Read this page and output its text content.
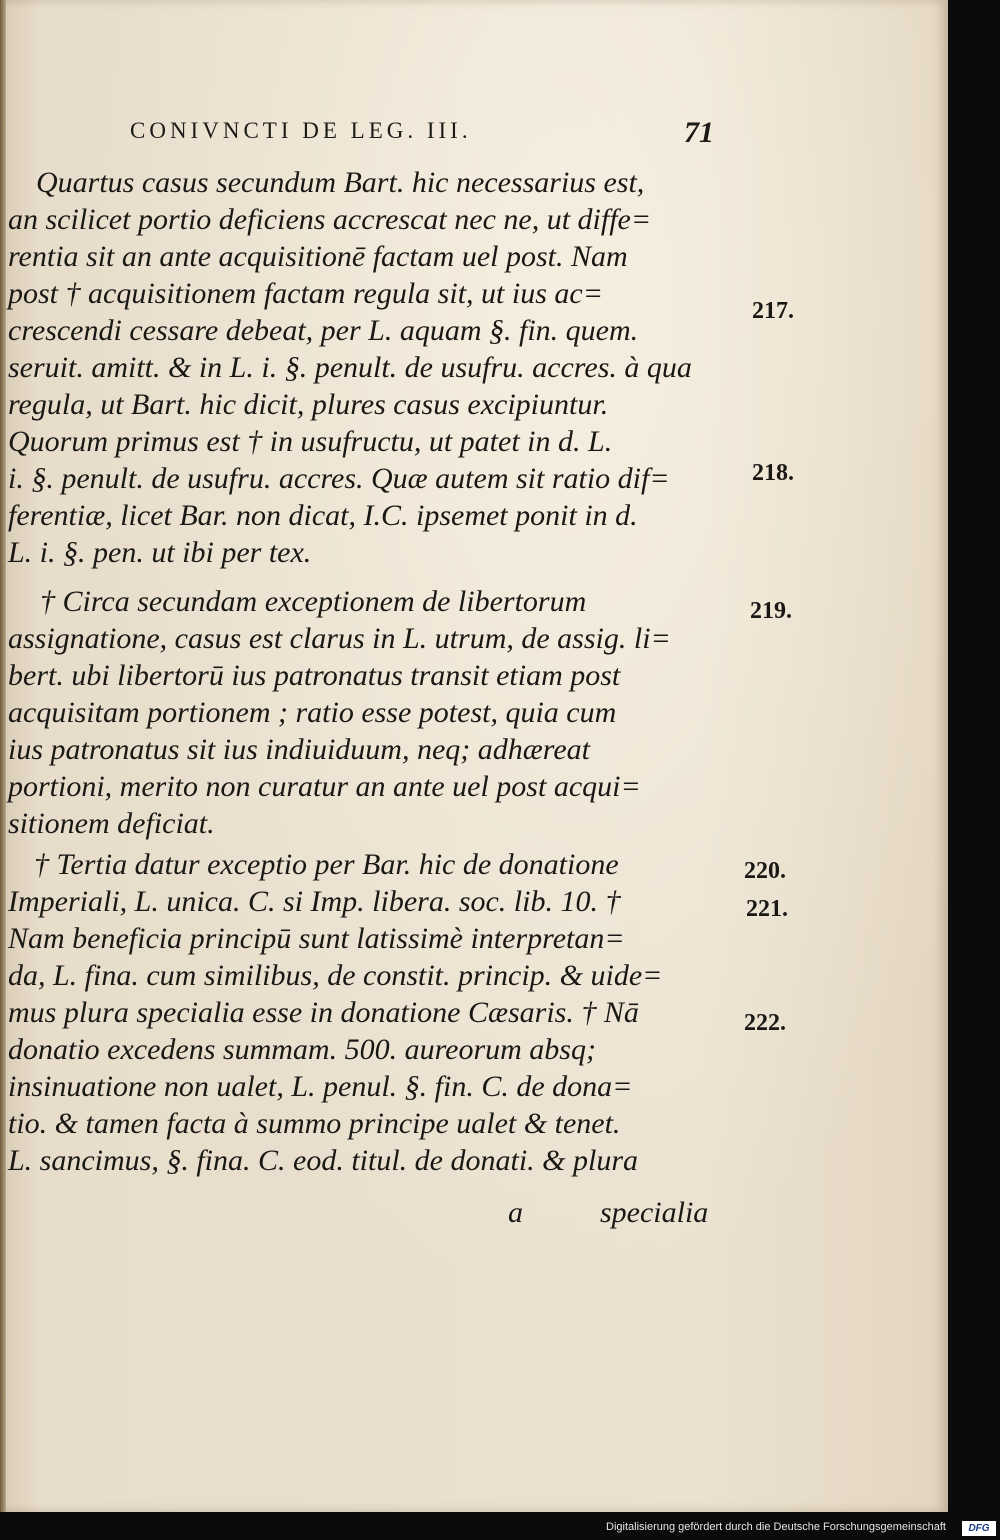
CONIVNCTI DE LEG. III.	71
Quartus casus secundum Bart. hic necessarius est,
an scilicet portio deficiens accrescat nec ne, ut diffe=
rentia sit an ante acquisitionē factam uel post. Nam
post † acquisitionem factam regula sit, ut ius ac=
crescendi cessare debeat, per L. aquam §. fin. quem.
seruit. amitt. & in L. i. §. penult. de usufru. accres. à qua
regula, ut Bart. hic dicit, plures casus excipiuntur.
Quorum primus est † in usufructu, ut patet in d. L.
i. §. penult. de usufru. accres. Quæ autem sit ratio dif=
ferentiæ, licet Bar. non dicat, I.C. ipsemet ponit in d.
L. i. §. pen. ut ibi per tex.
† Circa secundam exceptionem de libertorum
assignatione, casus est clarus in L. utrum, de assig. li=
bert. ubi libertorū ius patronatus transit etiam post
acquisitam portionem ; ratio esse potest, quia cum
ius patronatus sit ius indiuiduum, neq; adhæreat
portioni, merito non curatur an ante uel post acqui=
sitionem deficiat.
† Tertia datur exceptio per Bar. hic de donatione
Imperiali, L. unica. C. si Imp. libera. soc. lib. 10. †
Nam beneficia principū sunt latissimè interpretan=
da, L. fina. cum similibus, de constit. princip. & uide=
mus plura specialia esse in donatione Cæsaris. † Nā
donatio excedens summam. 500. aureorum absq;
insinuatione non ualet, L. penul. §. fin. C. de dona=
tio. & tamen facta à summo principe ualet & tenet.
L. sancimus, §. fina. C. eod. titul. de donati. & plura
a	specialia
217.
218.
219.
220.
221.
222.
Digitalisierung gefördert durch die Deutsche Forschungsgemeinschaft	DFG
